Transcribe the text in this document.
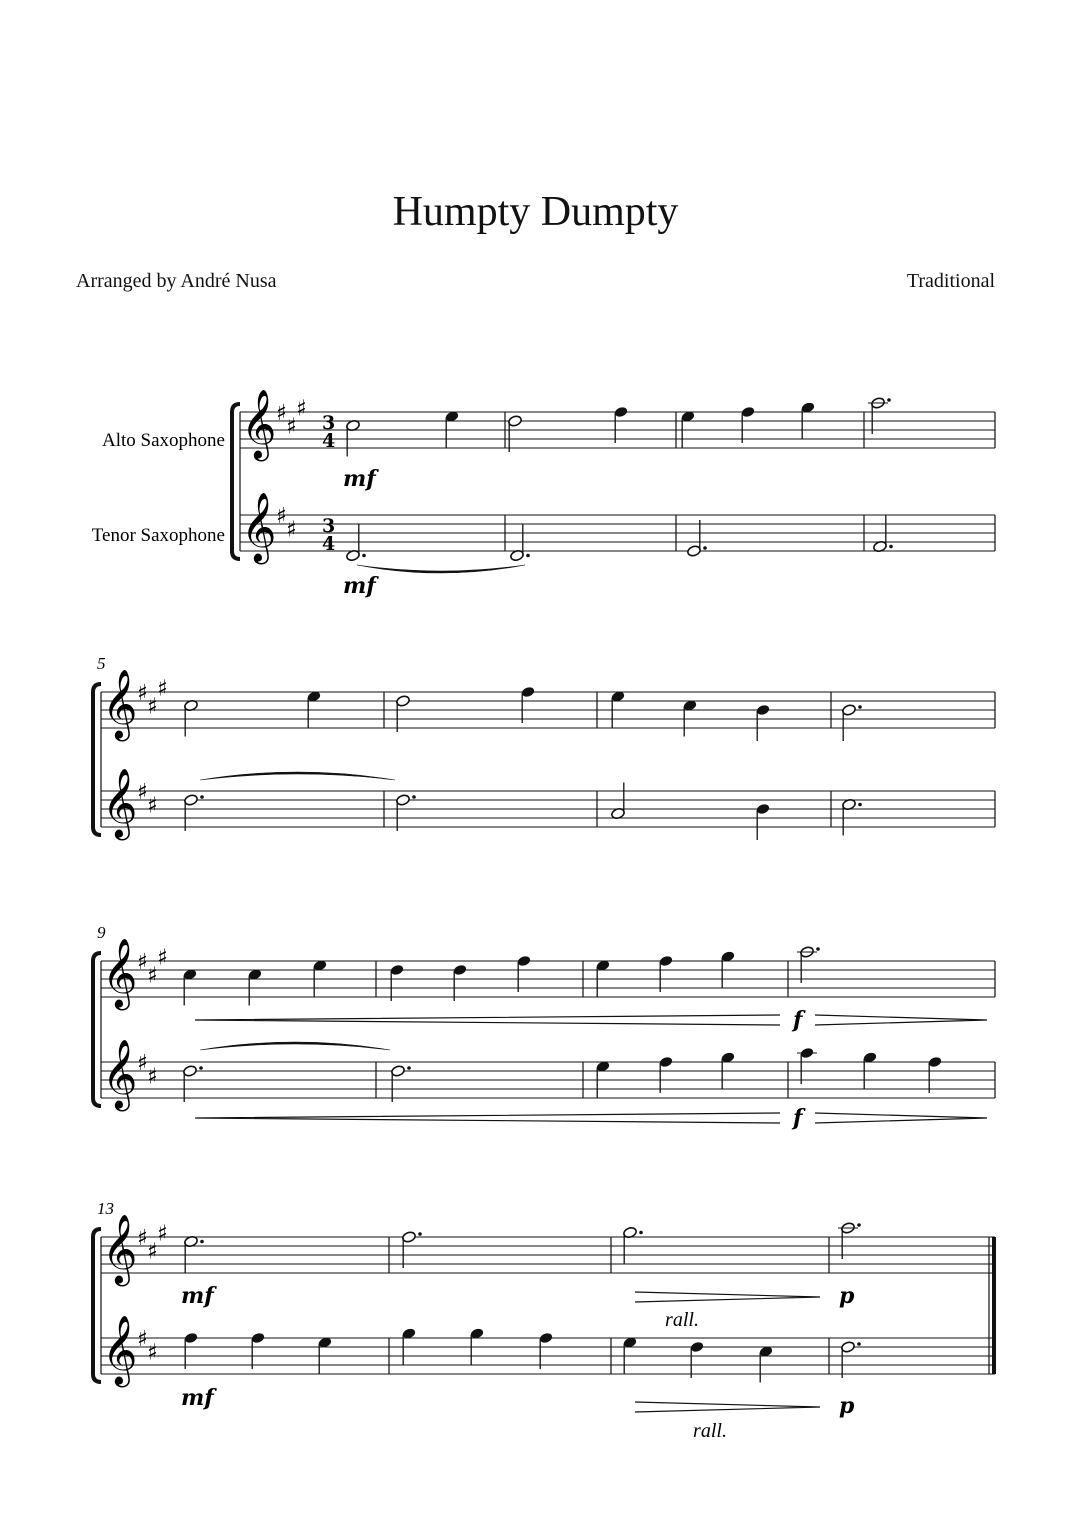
Humpty Dumpty
Arranged by André Nusa	Traditional
Alto Saxophone
Tenor Saxophone
𝄞
𝄞
♯
♯
♯
♯
♯
3
4
3
4
𝄞
𝄞
♯
♯
♯
♯
♯
5
𝄞
𝄞
♯
♯
♯
♯
♯
9
𝄞
𝄞
♯
♯
♯
♯
♯
13
mf
mf
f
f
mf
mf
p
rall.
p
rall.
